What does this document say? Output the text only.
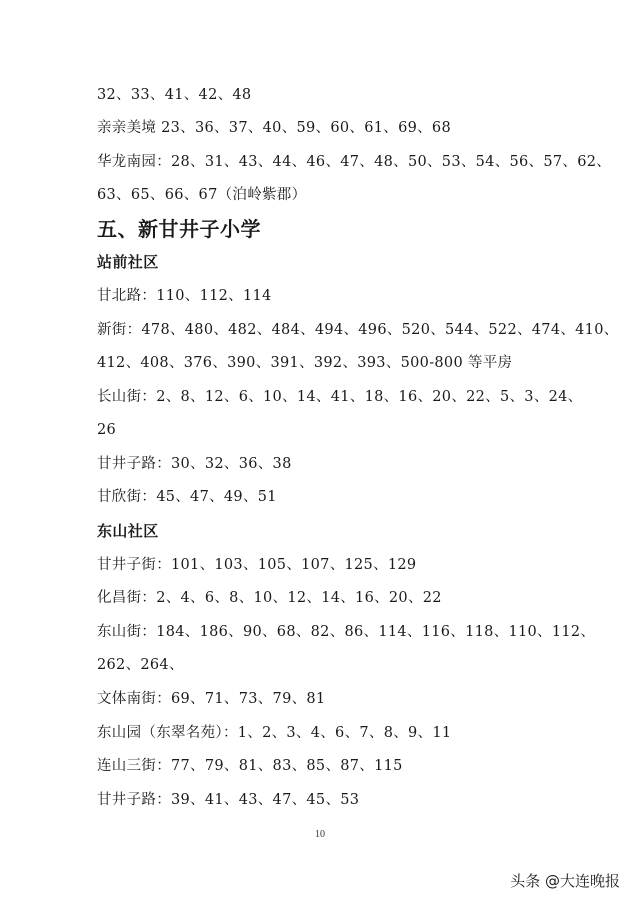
32、33、41、42、48
亲亲美境 23、36、37、40、59、60、61、69、68
华龙南园：28、31、43、44、46、47、48、50、53、54、56、57、62、
63、65、66、67（泊岭紫郡）
五、新甘井子小学
站前社区
甘北路：110、112、114
新街：478、480、482、484、494、496、520、544、522、474、410、
412、408、376、390、391、392、393、500-800 等平房
长山街：2、8、12、6、10、14、41、18、16、20、22、5、3、24、
26
甘井子路：30、32、36、38
甘欣街：45、47、49、51
东山社区
甘井子街：101、103、105、107、125、129
化昌街：2、4、6、8、10、12、14、16、20、22
东山街：184、186、90、68、82、86、114、116、118、110、112、
262、264、
文体南街：69、71、73、79、81
东山园（东翠名苑）：1、2、3、4、6、7、8、9、11
连山三街：77、79、81、83、85、87、115
甘井子路：39、41、43、47、45、53
10
头条 @大连晚报
